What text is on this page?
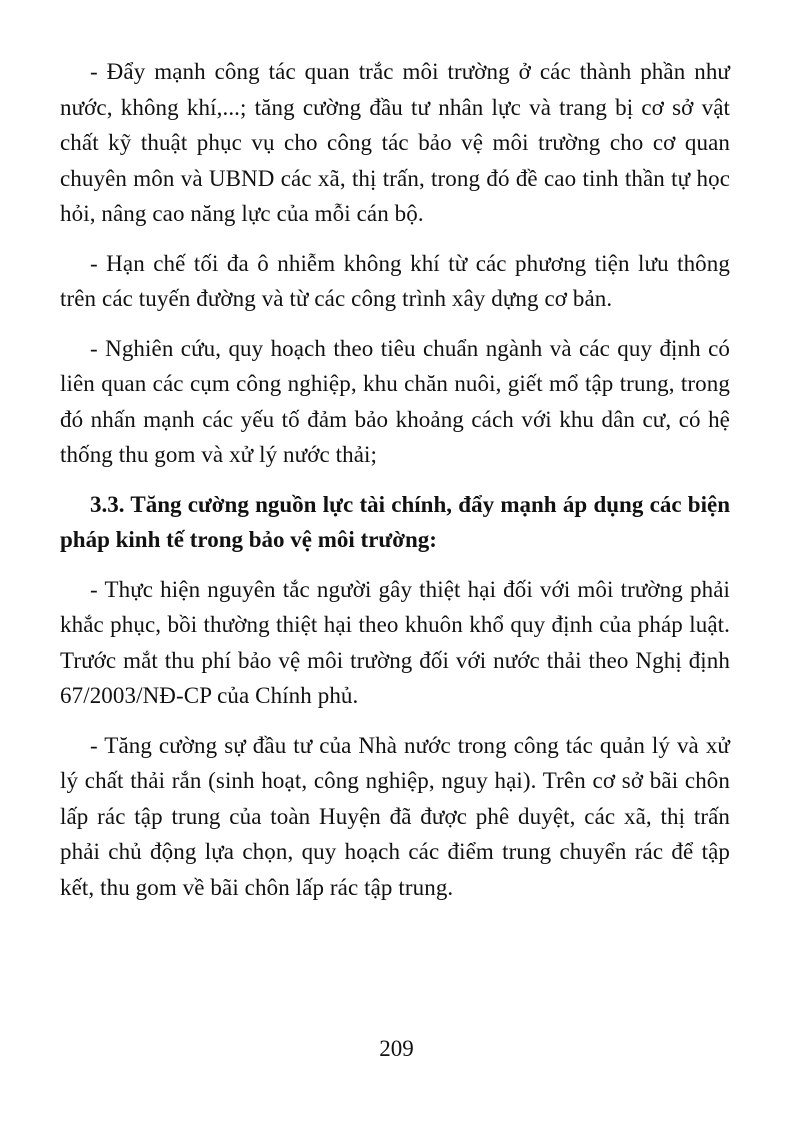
- Đẩy mạnh công tác quan trắc môi trường ở các thành phần như nước, không khí,...; tăng cường đầu tư nhân lực và trang bị cơ sở vật chất kỹ thuật phục vụ cho công tác bảo vệ môi trường cho cơ quan chuyên môn và UBND các xã, thị trấn, trong đó đề cao tinh thần tự học hỏi, nâng cao năng lực của mỗi cán bộ.

- Hạn chế tối đa ô nhiễm không khí từ các phương tiện lưu thông trên các tuyến đường và từ các công trình xây dựng cơ bản.

- Nghiên cứu, quy hoạch theo tiêu chuẩn ngành và các quy định có liên quan các cụm công nghiệp, khu chăn nuôi, giết mổ tập trung, trong đó nhấn mạnh các yếu tố đảm bảo khoảng cách với khu dân cư, có hệ thống thu gom và xử lý nước thải;

3.3. Tăng cường nguồn lực tài chính, đẩy mạnh áp dụng các biện pháp kinh tế trong bảo vệ môi trường:

- Thực hiện nguyên tắc người gây thiệt hại đối với môi trường phải khắc phục, bồi thường thiệt hại theo khuôn khổ quy định của pháp luật. Trước mắt thu phí bảo vệ môi trường đối với nước thải theo Nghị định 67/2003/NĐ-CP của Chính phủ.

- Tăng cường sự đầu tư của Nhà nước trong công tác quản lý và xử lý chất thải rắn (sinh hoạt, công nghiệp, nguy hại). Trên cơ sở bãi chôn lấp rác tập trung của toàn Huyện đã được phê duyệt, các xã, thị trấn phải chủ động lựa chọn, quy hoạch các điểm trung chuyển rác để tập kết, thu gom về bãi chôn lấp rác tập trung.

209
